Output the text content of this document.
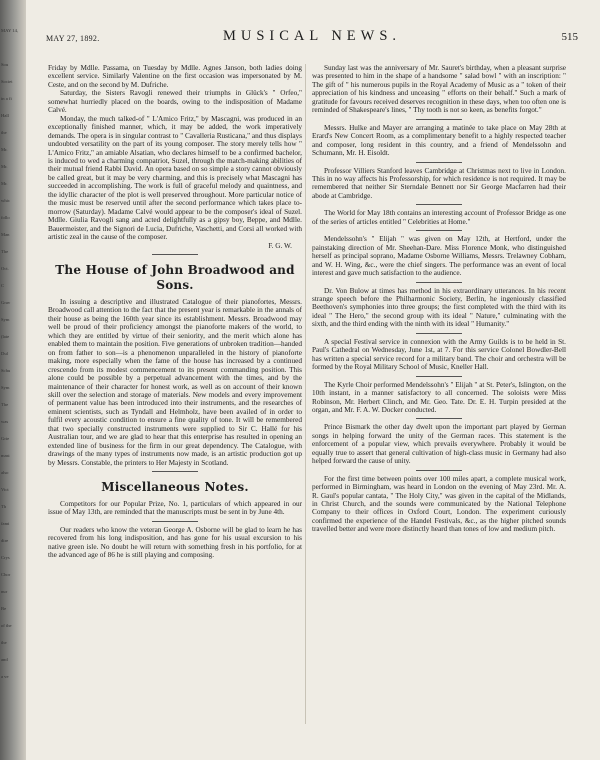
MAY 14,
Sou
Societ
in a fi
Hall
the
Mr.
Mr.
Mr.
whic
follo
Man
The
Oct.
C
Grav
Sym
(late
Dul
Schu
Sym
The
was
Grie
mast
also
Vict
Th
fami
dire
Crys
Chor
nur
Be
of the
the
and
a ve
MAY 27, 1892.	MUSICAL NEWS.	515

Friday by Mdlle. Passama, on Tuesday by Mdlle. Agnes Janson, both ladies doing excellent service. Similarly Valentine on the first occasion was impersonated by M. Ceste, and on the second by M. Dufriche.

Saturday, the Sisters Ravogli renewed their triumphs in Glück's " Orfeo," somewhat hurriedly placed on the boards, owing to the indisposition of Madame Calvé.

Monday, the much talked-of " L'Amico Fritz," by Mascagni, was produced in an exceptionally finished manner, which, it may be added, the work imperatively demands. The opera is in singular contrast to " Cavalleria Rusticana," and thus displays undoubted versatility on the part of its young composer. The story merely tells how " L'Amico Fritz," an amiable Alsatian, who declares himself to be a confirmed bachelor, is induced to wed a charming compatriot, Suzel, through the match-making abilities of their mutual friend Rabbi David. An opera based on so simple a story cannot obviously be called great, but it may be very charming, and this is precisely what Mascagni has succeeded in accomplishing. The work is full of graceful melody and quaintness, and the idyllic character of the plot is well preserved throughout. More particular notice of the music must be reserved until after the second performance which takes place to-morrow (Saturday). Madame Calvé would appear to be the composer's ideal of Suzel. Mdlle. Giulia Ravogli sang and acted delightfully as a gipsy boy, Beppe, and Mdlle. Bauermeister, and the Signori de Lucia, Dufriche, Vaschetti, and Corsi all worked with artistic zeal in the cause of the composer.

F. G. W.

The House of John Broadwood and Sons.

In issuing a descriptive and illustrated Catalogue of their pianofortes, Messrs. Broadwood call attention to the fact that the present year is remarkable in the annals of their house as being the 160th year since its establishment. Messrs. Broadwood may well be proud of their proficiency amongst the pianoforte makers of the world, to which they are entitled by virtue of their seniority, and the merit which alone has enabled them to maintain the position. Five generations of unbroken tradition—handed on from father to son—is a phenomenon unparalleled in the history of pianoforte making, more especially when the fame of the house has increased by a continued crescendo from its modest commencement to its present commanding position. This alone could be possible by a perpetual advancement with the times, and by the maintenance of their character for honest work, as well as on account of their known skill over the selection and storage of materials. New models and every improvement of permanent value has been introduced into their instruments, and the researches of eminent scientists, such as Tyndall and Helmholz, have been availed of in order to fulfil every acoustic condition to ensure a fine quality of tone. It will be remembered that two specially constructed instruments were supplied to Sir C. Hallé for his Australian tour, and we are glad to hear that this enterprise has resulted in opening an extended line of business for the firm in our great dependency. The Catalogue, with drawings of the many types of instruments now made, is an artistic production got up by Messrs. Constable, the printers to Her Majesty in Scotland.

Miscellaneous Notes.

Competitors for our Popular Prize, No. 1, particulars of which appeared in our issue of May 13th, are reminded that the manuscripts must be sent in by June 4th.

Our readers who know the veteran George A. Osborne will be glad to learn he has recovered from his long indisposition, and has gone for his usual excursion to his native green isle. No doubt he will return with something fresh in his portfolio, for at the advanced age of 86 he is still playing and composing.

Sunday last was the anniversary of Mr. Sauret's birthday, when a pleasant surprise was presented to him in the shape of a handsome " salad bowl " with an inscription: " The gift of " his numerous pupils in the Royal Academy of Music as a " token of their appreciation of his kindness and unceasing " efforts on their behalf." Such a mark of gratitude for favours received deserves recognition in these days, when too often one is reminded of Shakespeare's lines, " Thy tooth is not so keen, as benefits forgot."

Messrs. Hulke and Mayer are arranging a matinée to take place on May 28th at Erard's New Concert Room, as a complimentary benefit to a highly respected teacher and composer, long resident in this country, and a friend of Mendelssohn and Schumann, Mr. H. Eisoldt.

Professor Villiers Stanford leaves Cambridge at Christmas next to live in London. This in no way affects his Professorship, for which residence is not required. It may be remembered that neither Sir Sterndale Bennett nor Sir George Macfarren had their abode at Cambridge.

The World for May 18th contains an interesting account of Professor Bridge as one of the series of articles entitled " Celebrities at Home."

Mendelssohn's " Elijah " was given on May 12th, at Hertford, under the painstaking direction of Mr. Sheehan-Dare. Miss Florence Monk, who distinguished herself as principal soprano, Madame Osborne Williams, Messrs. Trelawney Cobham, and W. H. Wing, &c., were the chief singers. The performance was an event of local interest and gave much satisfaction to the audience.

Dr. Von Bulow at times has method in his extraordinary utterances. In his recent strange speech before the Philharmonic Society, Berlin, he ingeniously classified Beethoven's symphonies into three groups; the first completed with the third with its ideal " The Hero," the second group with its ideal " Nature," culminating with the sixth, and the third ending with the ninth with its ideal " Humanity."

A special Festival service in connexion with the Army Guilds is to be held in St. Paul's Cathedral on Wednesday, June 1st, at 7. For this service Colonel Bowdler-Bell has written a special service record for a military band. The choir and orchestra will be formed by the Royal Military School of Music, Kneller Hall.

The Kyrle Choir performed Mendelssohn's " Elijah " at St. Peter's, Islington, on the 10th instant, in a manner satisfactory to all concerned. The soloists were Miss Robinson, Mr. Herbert Clinch, and Mr. Geo. Tate. Dr. E. H. Turpin presided at the organ, and Mr. F. A. W. Docker conducted.

Prince Bismark the other day dwelt upon the important part played by German songs in helping forward the unity of the German races. This statement is the enforcement of a popular view, which prevails everywhere. Probably it would be equally true to assert that general cultivation of high-class music in Germany had also helped forward the cause of unity.

For the first time between points over 100 miles apart, a complete musical work, performed in Birmingham, was heard in London on the evening of May 23rd. Mr. A. R. Gaul's popular cantata, " The Holy City," was given in the capital of the Midlands, in Christ Church, and the sounds were communicated by the National Telephone Company to their offices in Oxford Court, London. The experiment curiously confirmed the experience of the Handel Festivals, &c., as the higher pitched sounds travelled better and were more distinctly heard than tones of low and medium pitch.
